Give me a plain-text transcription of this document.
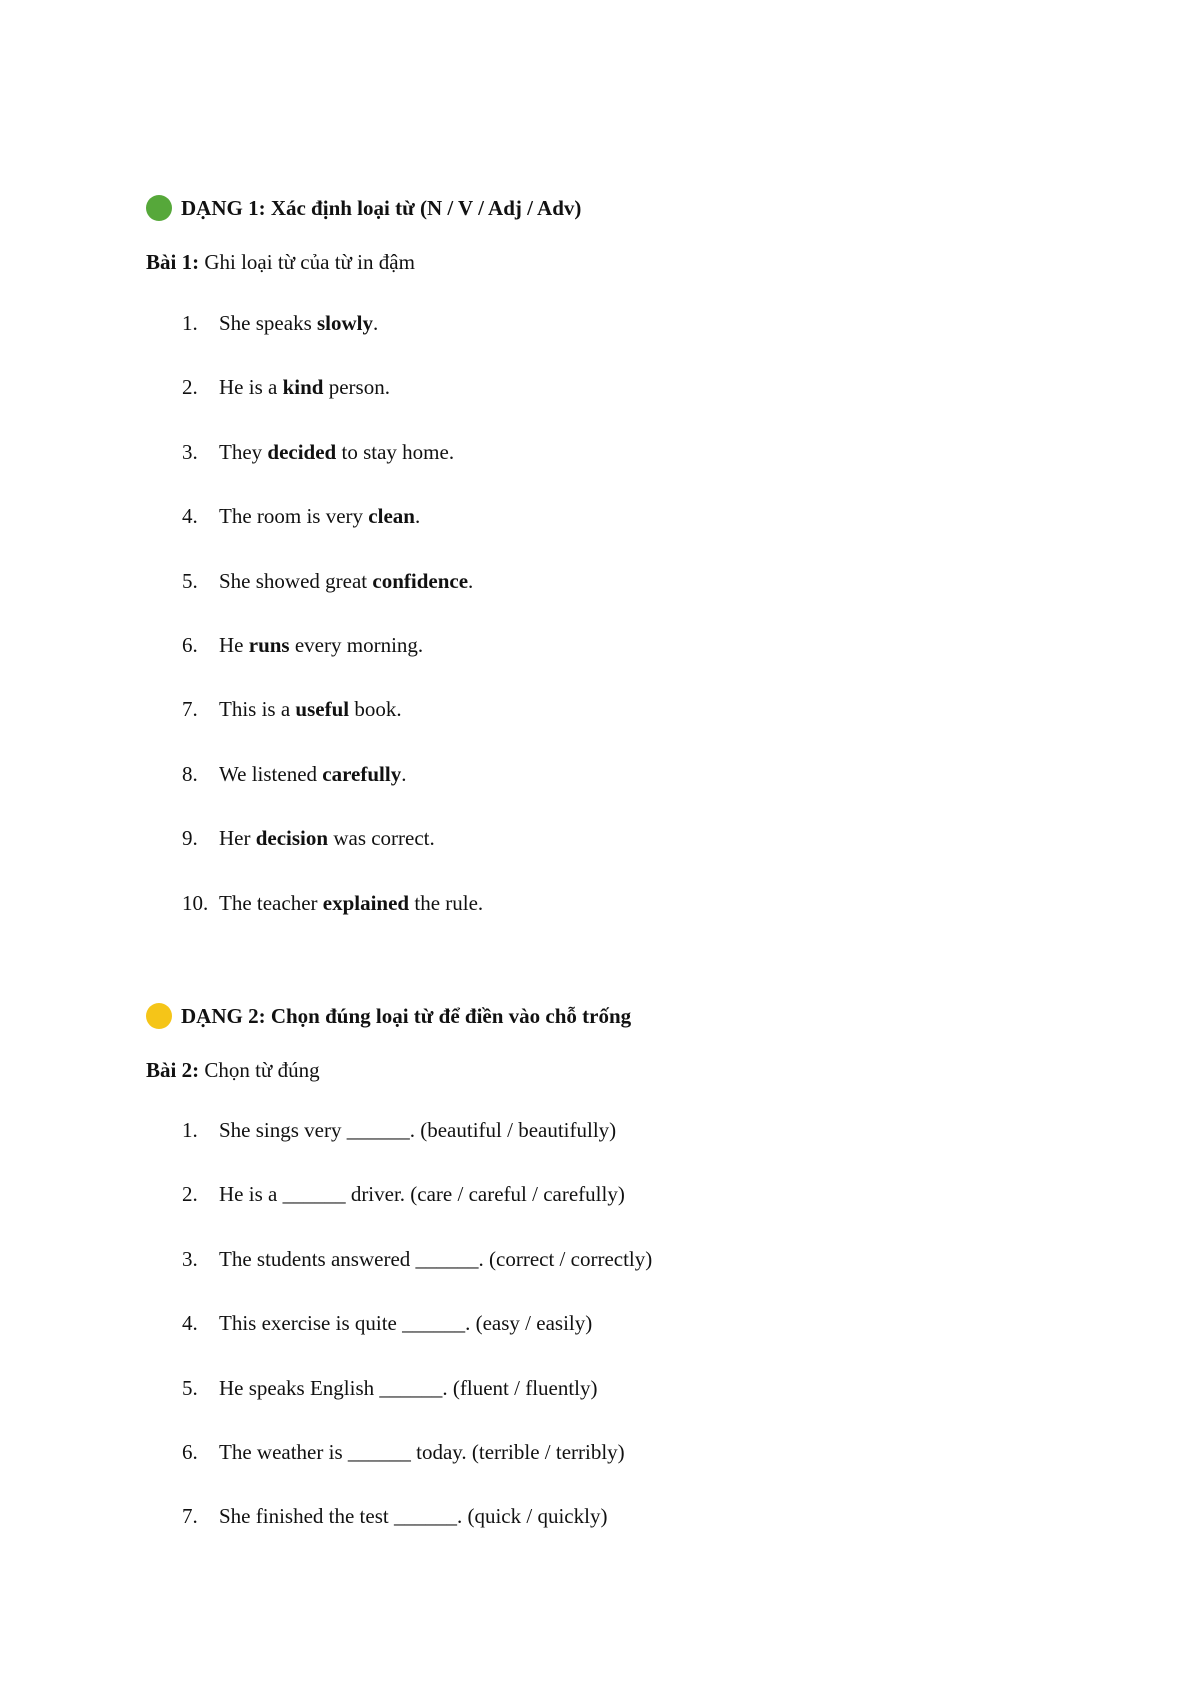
DẠNG 1: Xác định loại từ (N / V / Adj / Adv)
Bài 1: Ghi loại từ của từ in đậm
1.	She speaks slowly.
2.	He is a kind person.
3.	They decided to stay home.
4.	The room is very clean.
5.	She showed great confidence.
6.	He runs every morning.
7.	This is a useful book.
8.	We listened carefully.
9.	Her decision was correct.
10. The teacher explained the rule.
DẠNG 2: Chọn đúng loại từ để điền vào chỗ trống
Bài 2: Chọn từ đúng
1.	She sings very ______. (beautiful / beautifully)
2.	He is a ______ driver. (care / careful / carefully)
3.	The students answered ______. (correct / correctly)
4.	This exercise is quite ______. (easy / easily)
5.	He speaks English ______. (fluent / fluently)
6.	The weather is ______ today. (terrible / terribly)
7.	She finished the test ______. (quick / quickly)
